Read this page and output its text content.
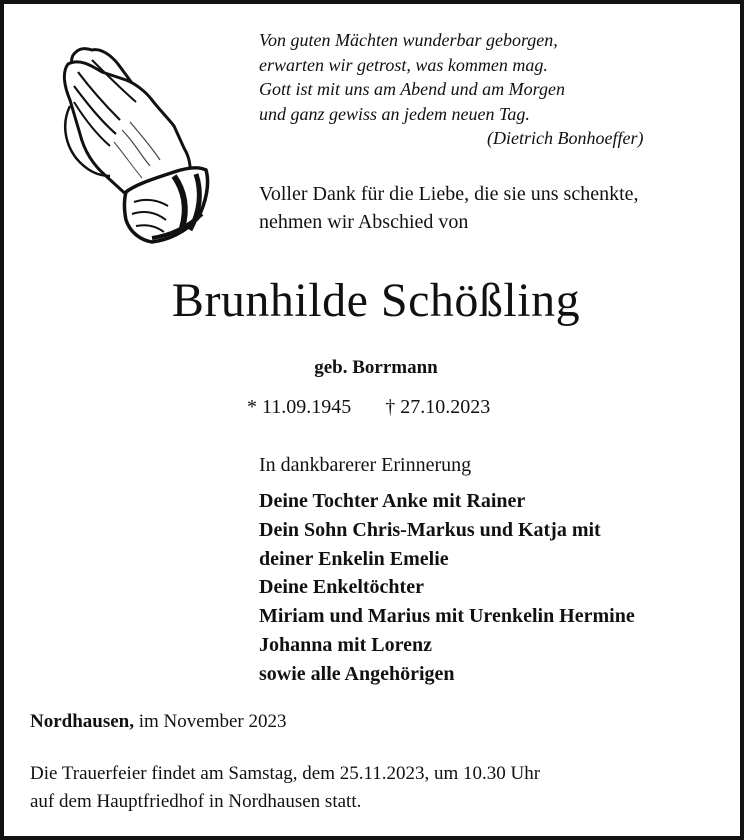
Von guten Mächten wunderbar geborgen,
erwarten wir getrost, was kommen mag.
Gott ist mit uns am Abend und am Morgen
und ganz gewiss an jedem neuen Tag.
(Dietrich Bonhoeffer)
Voller Dank für die Liebe, die sie uns schenkte,
nehmen wir Abschied von
Brunhilde Schößling
geb. Borrmann
* 11.09.1945 † 27.10.2023
In dankbarerer Erinnerung
Deine Tochter Anke mit Rainer
Dein Sohn Chris-Markus und Katja mit
deiner Enkelin Emelie
Deine Enkeltöchter
Miriam und Marius mit Urenkelin Hermine
Johanna mit Lorenz
sowie alle Angehörigen
Nordhausen, im November 2023
Die Trauerfeier findet am Samstag, dem 25.11.2023, um 10.30 Uhr
auf dem Hauptfriedhof in Nordhausen statt.
